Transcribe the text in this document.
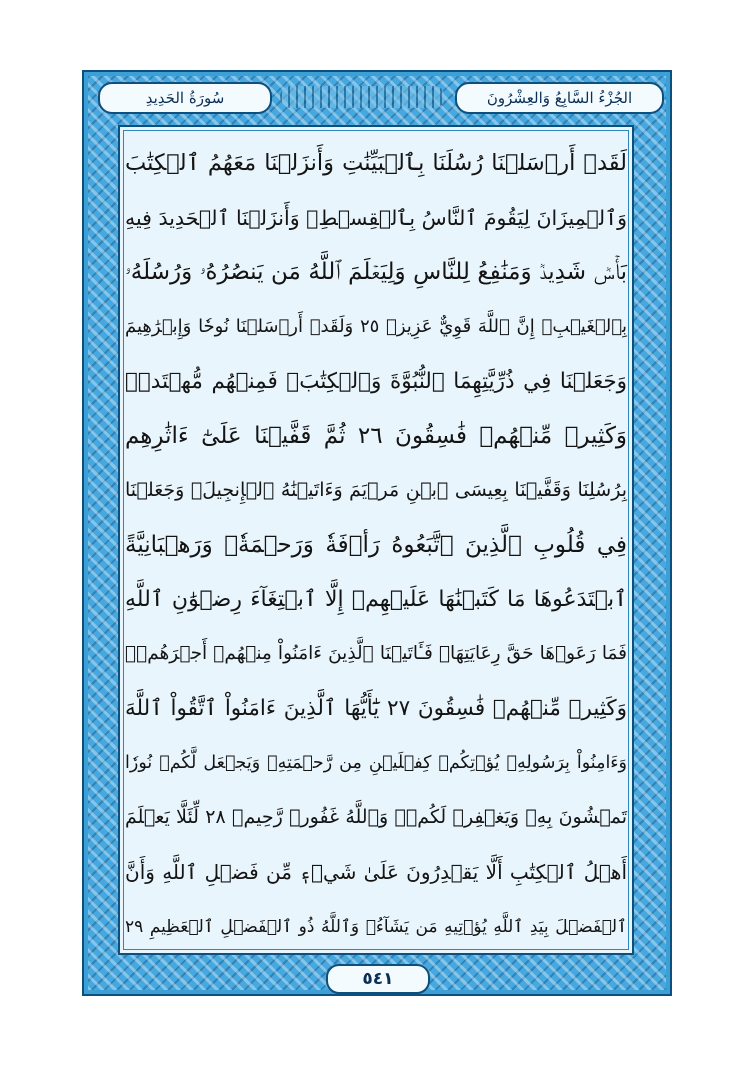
الجُزْءُ السَّابِعُ وَالعِشْرُونَ
سُورَةُ الحَدِيدِ
لَقَدۡ أَرۡسَلۡنَا رُسُلَنَا بِٱلۡبَيِّنَٰتِ وَأَنزَلۡنَا مَعَهُمُ ٱلۡكِتَٰبَ
وَٱلۡمِيزَانَ لِيَقُومَ ٱلنَّاسُ بِٱلۡقِسۡطِۖ وَأَنزَلۡنَا ٱلۡحَدِيدَ فِيهِ
بَأۡسٞ شَدِيدٞ وَمَنَٰفِعُ لِلنَّاسِ وَلِيَعۡلَمَ ٱللَّهُ مَن يَنصُرُهُۥ وَرُسُلَهُۥ
بِٱلۡغَيۡبِۚ إِنَّ ٱللَّهَ قَوِيٌّ عَزِيزٞ ٢٥ وَلَقَدۡ أَرۡسَلۡنَا نُوحٗا وَإِبۡرَٰهِيمَ
وَجَعَلۡنَا فِي ذُرِّيَّتِهِمَا ٱلنُّبُوَّةَ وَٱلۡكِتَٰبَۖ فَمِنۡهُم مُّهۡتَدٖۖ
وَكَثِيرٞ مِّنۡهُمۡ فَٰسِقُونَ ٢٦ ثُمَّ قَفَّيۡنَا عَلَىٰٓ ءَاثَٰرِهِم
بِرُسُلِنَا وَقَفَّيۡنَا بِعِيسَى ٱبۡنِ مَرۡيَمَ وَءَاتَيۡنَٰهُ ٱلۡإِنجِيلَۖ وَجَعَلۡنَا
فِي قُلُوبِ ٱلَّذِينَ ٱتَّبَعُوهُ رَأۡفَةٗ وَرَحۡمَةٗۚ وَرَهۡبَانِيَّةً
ٱبۡتَدَعُوهَا مَا كَتَبۡنَٰهَا عَلَيۡهِمۡ إِلَّا ٱبۡتِغَآءَ رِضۡوَٰنِ ٱللَّهِ
فَمَا رَعَوۡهَا حَقَّ رِعَايَتِهَاۖ فَـَٔاتَيۡنَا ٱلَّذِينَ ءَامَنُواْ مِنۡهُمۡ أَجۡرَهُمۡۖ
وَكَثِيرٞ مِّنۡهُمۡ فَٰسِقُونَ ٢٧ يَٰٓأَيُّهَا ٱلَّذِينَ ءَامَنُواْ ٱتَّقُواْ ٱللَّهَ
وَءَامِنُواْ بِرَسُولِهِۦ يُؤۡتِكُمۡ كِفۡلَيۡنِ مِن رَّحۡمَتِهِۦ وَيَجۡعَل لَّكُمۡ نُورٗا
تَمۡشُونَ بِهِۦ وَيَغۡفِرۡ لَكُمۡۚ وَٱللَّهُ غَفُورٞ رَّحِيمٞ ٢٨ لِّئَلَّا يَعۡلَمَ
أَهۡلُ ٱلۡكِتَٰبِ أَلَّا يَقۡدِرُونَ عَلَىٰ شَيۡءٖ مِّن فَضۡلِ ٱللَّهِ وَأَنَّ
ٱلۡفَضۡلَ بِيَدِ ٱللَّهِ يُؤۡتِيهِ مَن يَشَآءُۚ وَٱللَّهُ ذُو ٱلۡفَضۡلِ ٱلۡعَظِيمِ ٢٩
٥٤١
